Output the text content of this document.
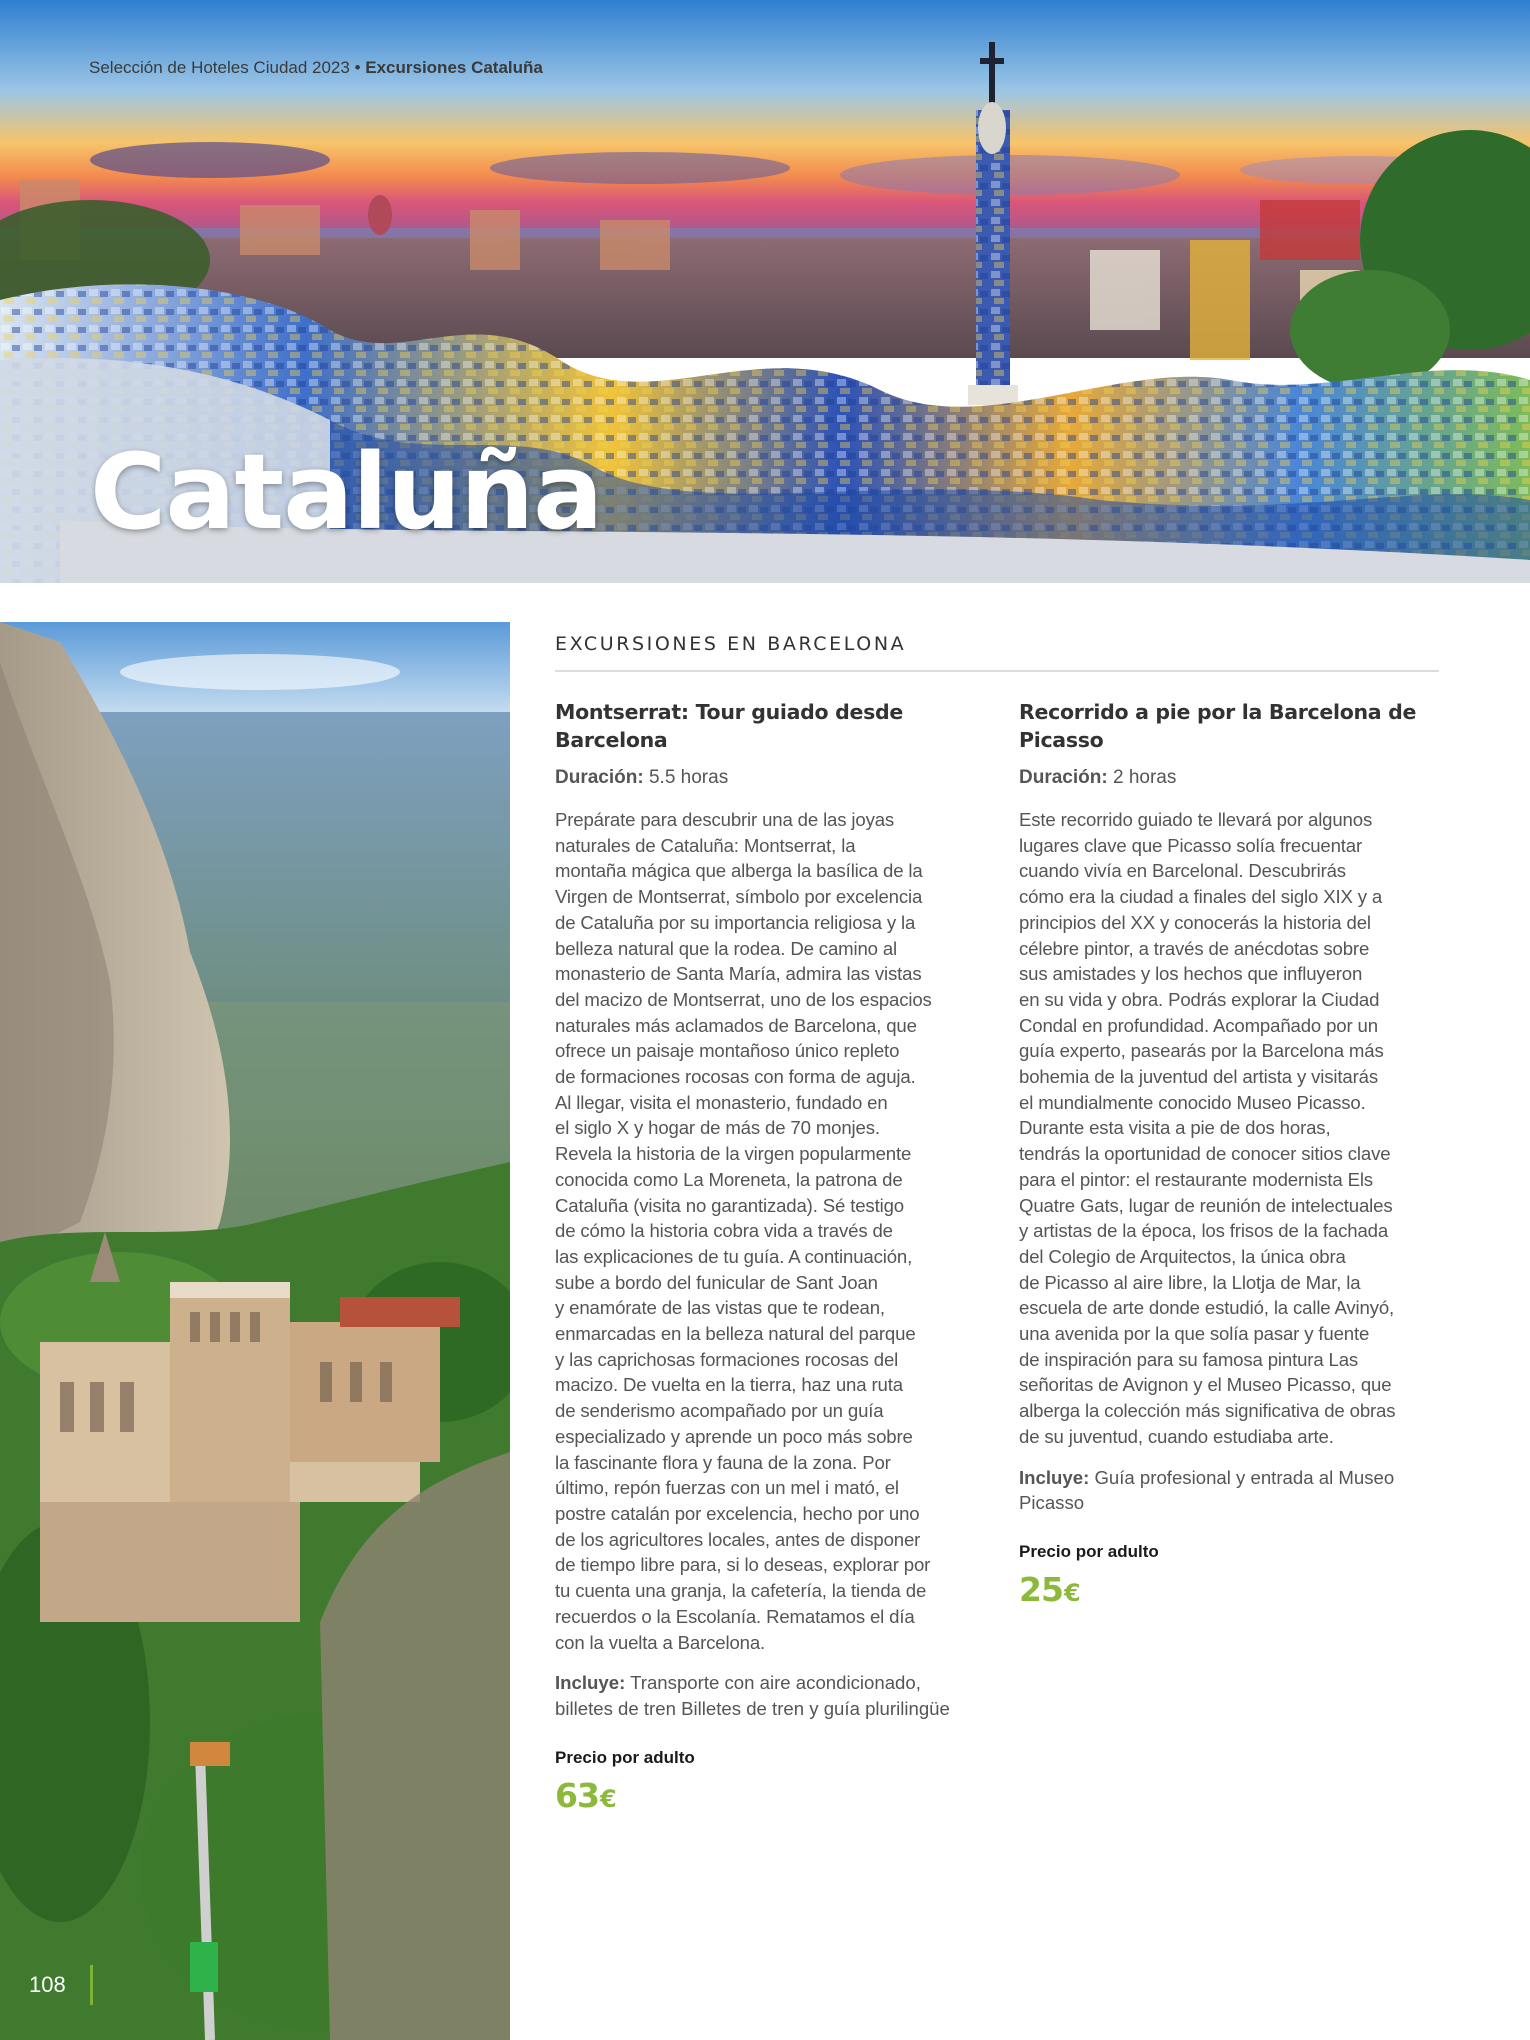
Selección de Hoteles Ciudad 2023 • Excursiones Cataluña
Cataluña
108
EXCURSIONES EN BARCELONA
Montserrat: Tour guiado desde Barcelona

Duración: 5.5 horas

Prepárate para descubrir una de las joyas
naturales de Cataluña: Montserrat, la
montaña mágica que alberga la basílica de la
Virgen de Montserrat, símbolo por excelencia
de Cataluña por su importancia religiosa y la
belleza natural que la rodea. De camino al
monasterio de Santa María, admira las vistas
del macizo de Montserrat, uno de los espacios
naturales más aclamados de Barcelona, que
ofrece un paisaje montañoso único repleto
de formaciones rocosas con forma de aguja.
Al llegar, visita el monasterio, fundado en
el siglo X y hogar de más de 70 monjes.
Revela la historia de la virgen popularmente
conocida como La Moreneta, la patrona de
Cataluña (visita no garantizada). Sé testigo
de cómo la historia cobra vida a través de
las explicaciones de tu guía. A continuación,
sube a bordo del funicular de Sant Joan
y enamórate de las vistas que te rodean,
enmarcadas en la belleza natural del parque
y las caprichosas formaciones rocosas del
macizo. De vuelta en la tierra, haz una ruta
de senderismo acompañado por un guía
especializado y aprende un poco más sobre
la fascinante flora y fauna de la zona. Por
último, repón fuerzas con un mel i mató, el
postre catalán por excelencia, hecho por uno
de los agricultores locales, antes de disponer
de tiempo libre para, si lo deseas, explorar por
tu cuenta una granja, la cafetería, la tienda de
recuerdos o la Escolanía. Rematamos el día
con la vuelta a Barcelona.

Incluye: Transporte con aire acondicionado, billetes de tren Billetes de tren y guía plurilingüe

Precio por adulto
63€
Recorrido a pie por la Barcelona de Picasso

Duración: 2 horas

Este recorrido guiado te llevará por algunos
lugares clave que Picasso solía frecuentar
cuando vivía en Barcelonal. Descubrirás
cómo era la ciudad a finales del siglo XIX y a
principios del XX y conocerás la historia del
célebre pintor, a través de anécdotas sobre
sus amistades y los hechos que influyeron
en su vida y obra. Podrás explorar la Ciudad
Condal en profundidad. Acompañado por un
guía experto, pasearás por la Barcelona más
bohemia de la juventud del artista y visitarás
el mundialmente conocido Museo Picasso.
Durante esta visita a pie de dos horas,
tendrás la oportunidad de conocer sitios clave
para el pintor: el restaurante modernista Els
Quatre Gats, lugar de reunión de intelectuales
y artistas de la época, los frisos de la fachada
del Colegio de Arquitectos, la única obra
de Picasso al aire libre, la Llotja de Mar, la
escuela de arte donde estudió, la calle Avinyó,
una avenida por la que solía pasar y fuente
de inspiración para su famosa pintura Las
señoritas de Avignon y el Museo Picasso, que
alberga la colección más significativa de obras
de su juventud, cuando estudiaba arte.

Incluye: Guía profesional y entrada al Museo Picasso

Precio por adulto
25€
